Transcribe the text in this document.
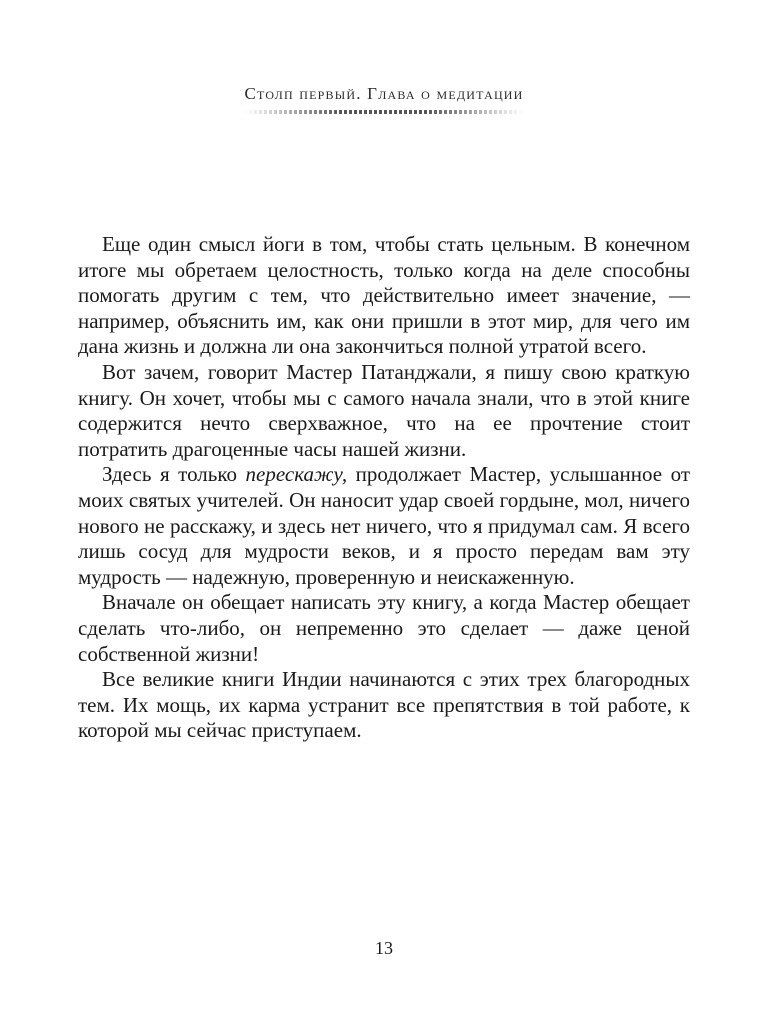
Столп первый. Глава о медитации

Еще один смысл йоги в том, чтобы стать цельным. В конечном итоге мы обретаем целостность, только когда на деле способны помогать другим с тем, что действительно имеет значение, — например, объяснить им, как они пришли в этот мир, для чего им дана жизнь и должна ли она закончиться полной утратой всего.

Вот зачем, говорит Мастер Патанджали, я пишу свою краткую книгу. Он хочет, чтобы мы с самого начала знали, что в этой книге содержится нечто сверхважное, что на ее прочтение стоит потратить драгоценные часы нашей жизни.

Здесь я только перескажу, продолжает Мастер, услышанное от моих святых учителей. Он наносит удар своей гордыне, мол, ничего нового не расскажу, и здесь нет ничего, что я придумал сам. Я всего лишь сосуд для мудрости веков, и я просто передам вам эту мудрость — надежную, проверенную и неискаженную.

Вначале он обещает написать эту книгу, а когда Мастер обещает сделать что-либо, он непременно это сделает — даже ценой собственной жизни!

Все великие книги Индии начинаются с этих трех благородных тем. Их мощь, их карма устранит все препятствия в той работе, к которой мы сейчас приступаем.

13
